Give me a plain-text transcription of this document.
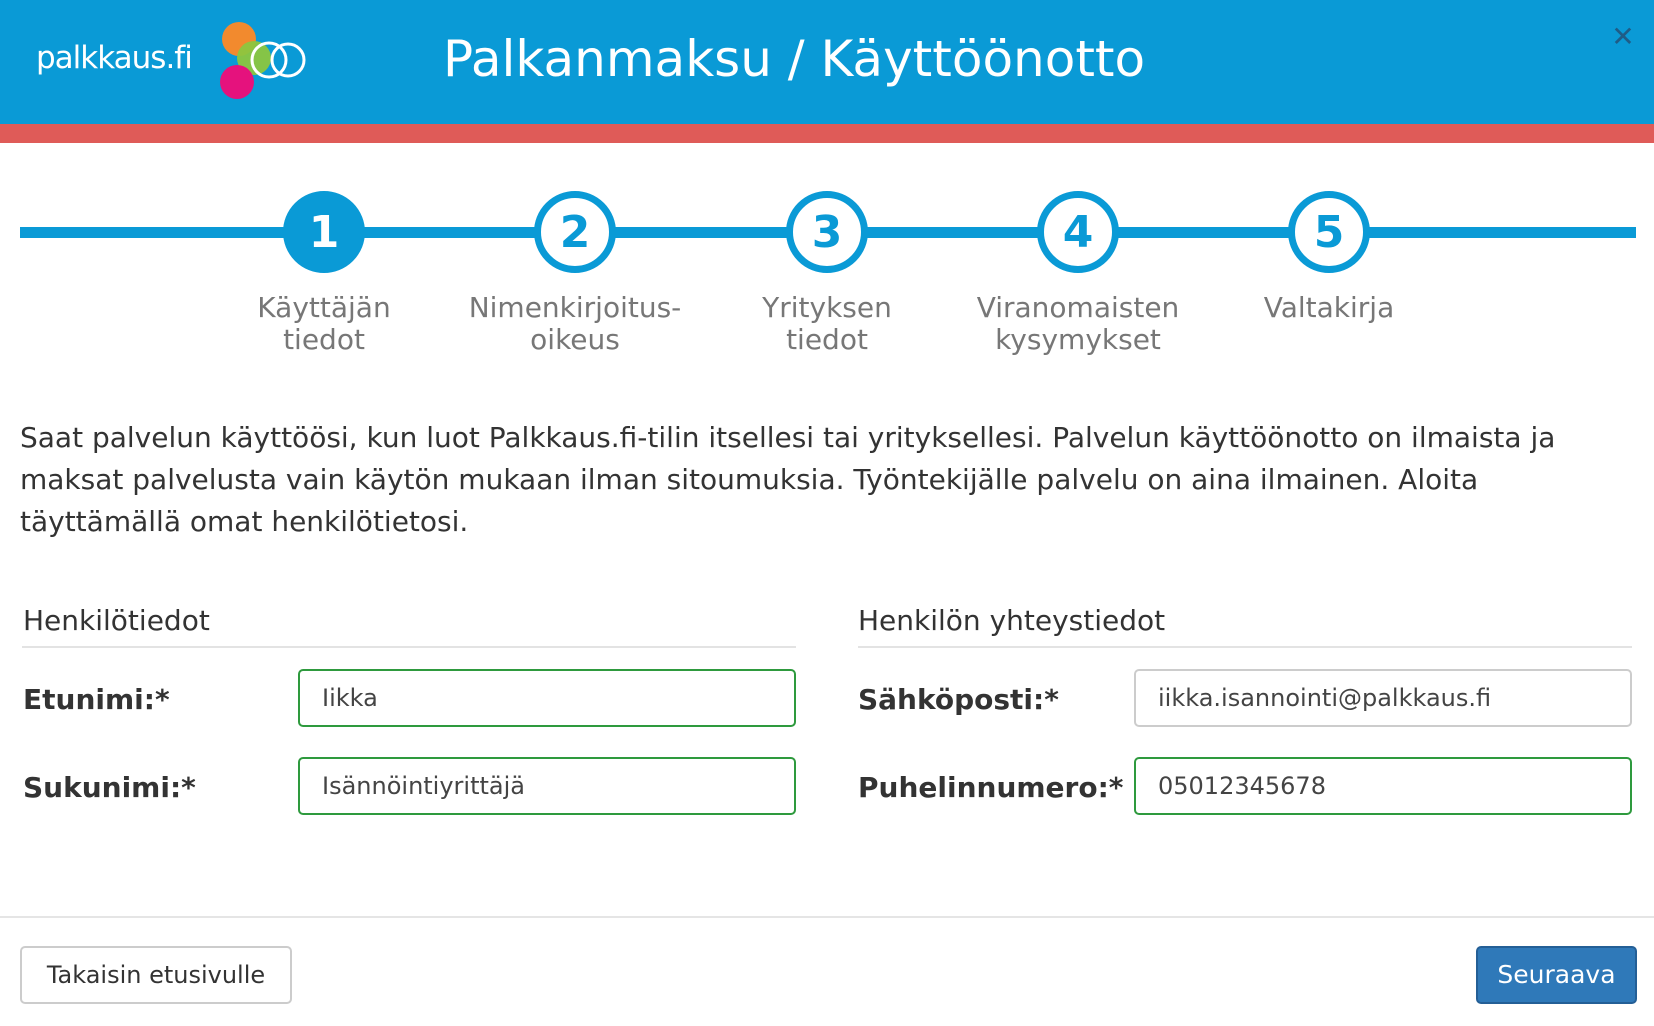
palkkaus.fi	Palkanmaksu / Käyttöönotto	✕
1	2	3	4	5
Käyttäjän
tiedot
Nimenkirjoitus-
oikeus
Yrityksen
tiedot
Viranomaisten
kysymykset
Valtakirja

Saat palvelun käyttöösi, kun luot Palkkaus.fi-tilin itsellesi tai yrityksellesi. Palvelun käyttöönotto on ilmaista ja maksat palvelusta vain käytön mukaan ilman sitoumuksia. Työntekijälle palvelu on aina ilmainen. Aloita täyttämällä omat henkilötietosi.

Henkilötiedot
Etunimi:*	Iikka
Sukunimi:*	Isännöintiyrittäjä
Henkilön yhteystiedot
Sähköposti:*	iikka.isannointi@palkkaus.fi
Puhelinnumero:*	05012345678
Takaisin etusivulle	Seuraava
